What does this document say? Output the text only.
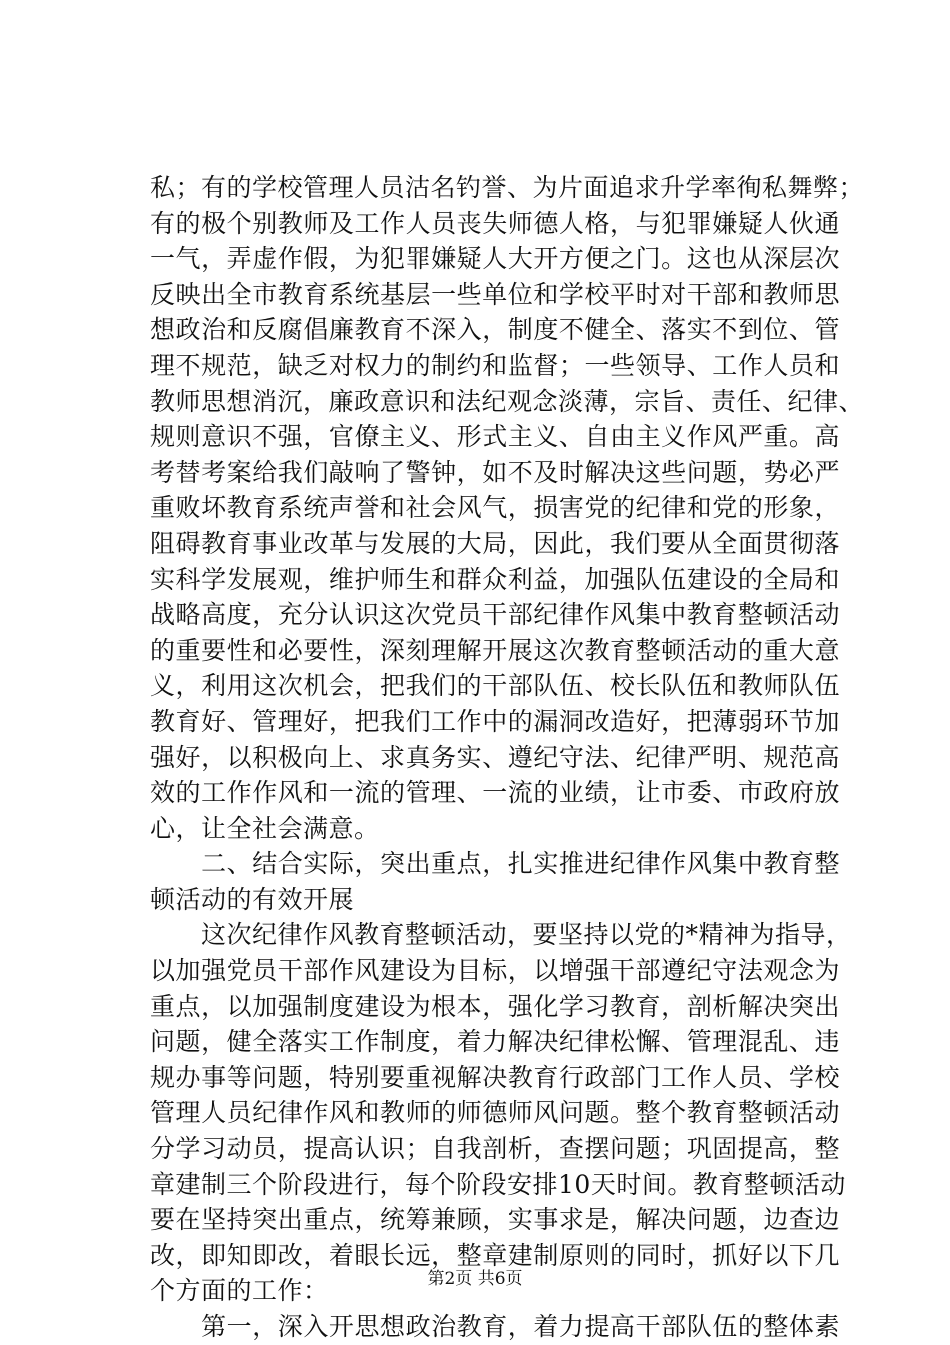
私；有的学校管理人员沽名钓誉、为片面追求升学率徇私舞弊；
有的极个别教师及工作人员丧失师德人格，与犯罪嫌疑人伙通
一气，弄虚作假，为犯罪嫌疑人大开方便之门。这也从深层次
反映出全市教育系统基层一些单位和学校平时对干部和教师思
想政治和反腐倡廉教育不深入，制度不健全、落实不到位、管
理不规范，缺乏对权力的制约和监督；一些领导、工作人员和
教师思想消沉，廉政意识和法纪观念淡薄，宗旨、责任、纪律、
规则意识不强，官僚主义、形式主义、自由主义作风严重。高
考替考案给我们敲响了警钟，如不及时解决这些问题，势必严
重败坏教育系统声誉和社会风气，损害党的纪律和党的形象，
阻碍教育事业改革与发展的大局，因此，我们要从全面贯彻落
实科学发展观，维护师生和群众利益，加强队伍建设的全局和
战略高度，充分认识这次党员干部纪律作风集中教育整顿活动
的重要性和必要性，深刻理解开展这次教育整顿活动的重大意
义，利用这次机会，把我们的干部队伍、校长队伍和教师队伍
教育好、管理好，把我们工作中的漏洞改造好，把薄弱环节加
强好，以积极向上、求真务实、遵纪守法、纪律严明、规范高
效的工作作风和一流的管理、一流的业绩，让市委、市政府放
心，让全社会满意。
　　二、结合实际，突出重点，扎实推进纪律作风集中教育整
顿活动的有效开展
　　这次纪律作风教育整顿活动，要坚持以党的*精神为指导，
以加强党员干部作风建设为目标，以增强干部遵纪守法观念为
重点，以加强制度建设为根本，强化学习教育，剖析解决突出
问题，健全落实工作制度，着力解决纪律松懈、管理混乱、违
规办事等问题，特别要重视解决教育行政部门工作人员、学校
管理人员纪律作风和教师的师德师风问题。整个教育整顿活动
分学习动员，提高认识；自我剖析，查摆问题；巩固提高，整
章建制三个阶段进行，每个阶段安排10天时间。教育整顿活动
要在坚持突出重点，统筹兼顾，实事求是，解决问题，边查边
改，即知即改，着眼长远，整章建制原则的同时，抓好以下几
个方面的工作：
　　第一，深入开思想政治教育，着力提高干部队伍的整体素
第2页 共6页
